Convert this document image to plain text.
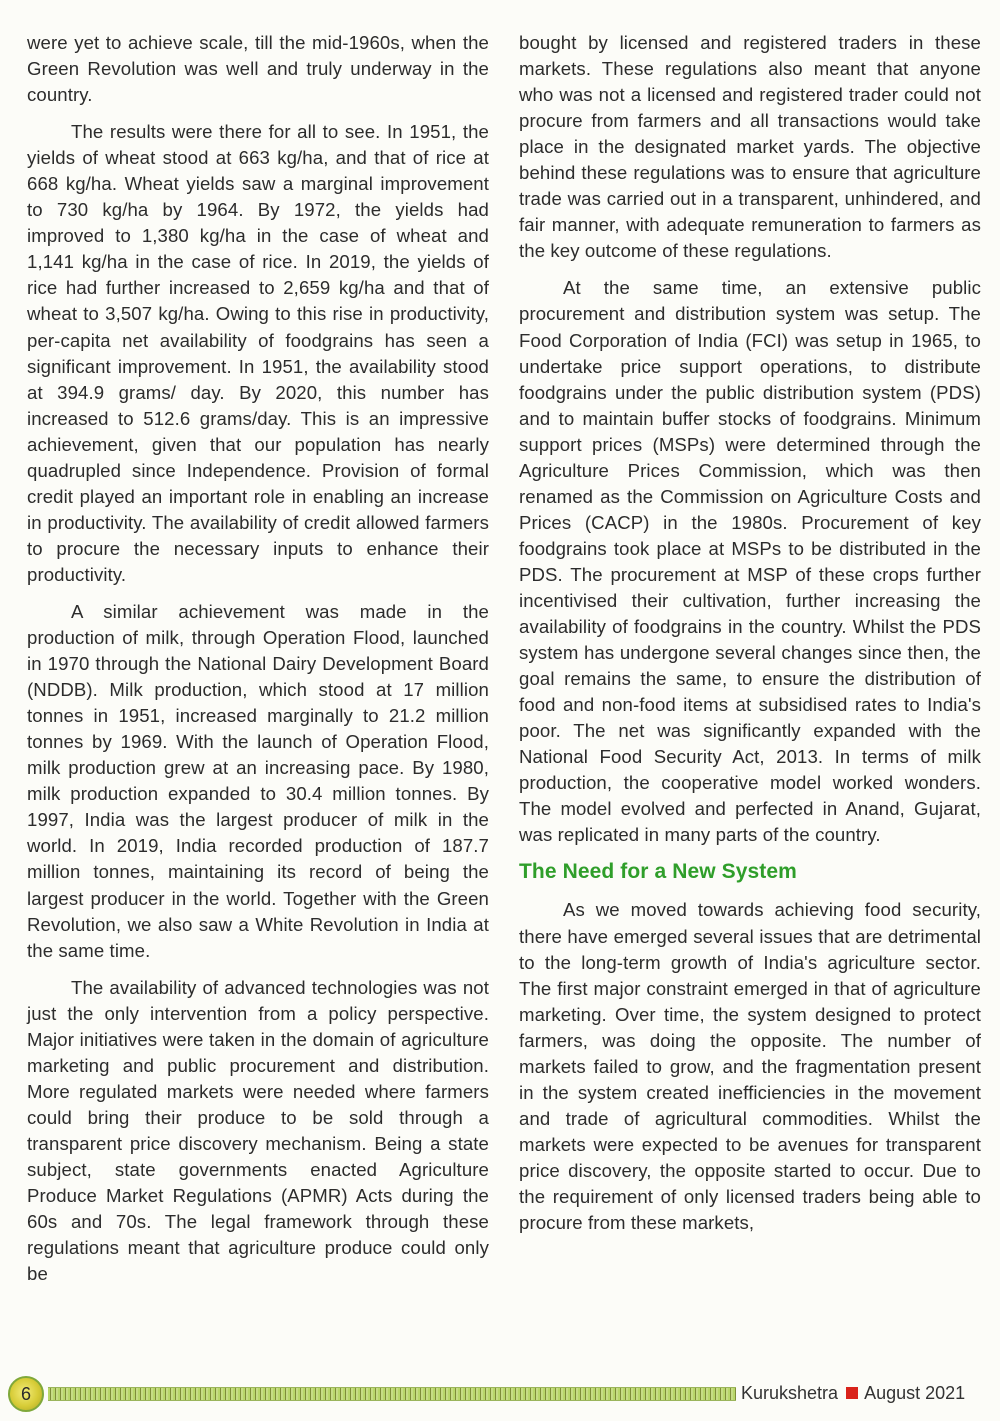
were yet to achieve scale, till the mid-1960s, when the Green Revolution was well and truly underway in the country.

The results were there for all to see. In 1951, the yields of wheat stood at 663 kg/ha, and that of rice at 668 kg/ha. Wheat yields saw a marginal improvement to 730 kg/ha by 1964. By 1972, the yields had improved to 1,380 kg/ha in the case of wheat and 1,141 kg/ha in the case of rice. In 2019, the yields of rice had further increased to 2,659 kg/ha and that of wheat to 3,507 kg/ha. Owing to this rise in productivity, per-capita net availability of foodgrains has seen a significant improvement. In 1951, the availability stood at 394.9 grams/ day. By 2020, this number has increased to 512.6 grams/day. This is an impressive achievement, given that our population has nearly quadrupled since Independence. Provision of formal credit played an important role in enabling an increase in productivity. The availability of credit allowed farmers to procure the necessary inputs to enhance their productivity.

A similar achievement was made in the production of milk, through Operation Flood, launched in 1970 through the National Dairy Development Board (NDDB). Milk production, which stood at 17 million tonnes in 1951, increased marginally to 21.2 million tonnes by 1969. With the launch of Operation Flood, milk production grew at an increasing pace. By 1980, milk production expanded to 30.4 million tonnes. By 1997, India was the largest producer of milk in the world. In 2019, India recorded production of 187.7 million tonnes, maintaining its record of being the largest producer in the world. Together with the Green Revolution, we also saw a White Revolution in India at the same time.

The availability of advanced technologies was not just the only intervention from a policy perspective. Major initiatives were taken in the domain of agriculture marketing and public procurement and distribution. More regulated markets were needed where farmers could bring their produce to be sold through a transparent price discovery mechanism. Being a state subject, state governments enacted Agriculture Produce Market Regulations (APMR) Acts during the 60s and 70s. The legal framework through these regulations meant that agriculture produce could only be

bought by licensed and registered traders in these markets. These regulations also meant that anyone who was not a licensed and registered trader could not procure from farmers and all transactions would take place in the designated market yards. The objective behind these regulations was to ensure that agriculture trade was carried out in a transparent, unhindered, and fair manner, with adequate remuneration to farmers as the key outcome of these regulations.

At the same time, an extensive public procurement and distribution system was setup. The Food Corporation of India (FCI) was setup in 1965, to undertake price support operations, to distribute foodgrains under the public distribution system (PDS) and to maintain buffer stocks of foodgrains. Minimum support prices (MSPs) were determined through the Agriculture Prices Commission, which was then renamed as the Commission on Agriculture Costs and Prices (CACP) in the 1980s. Procurement of key foodgrains took place at MSPs to be distributed in the PDS. The procurement at MSP of these crops further incentivised their cultivation, further increasing the availability of foodgrains in the country. Whilst the PDS system has undergone several changes since then, the goal remains the same, to ensure the distribution of food and non-food items at subsidised rates to India's poor. The net was significantly expanded with the National Food Security Act, 2013. In terms of milk production, the cooperative model worked wonders. The model evolved and perfected in Anand, Gujarat, was replicated in many parts of the country.

The Need for a New System

As we moved towards achieving food security, there have emerged several issues that are detrimental to the long-term growth of India's agriculture sector. The first major constraint emerged in that of agriculture marketing. Over time, the system designed to protect farmers, was doing the opposite. The number of markets failed to grow, and the fragmentation present in the system created inefficiencies in the movement and trade of agricultural commodities. Whilst the markets were expected to be avenues for transparent price discovery, the opposite started to occur. Due to the requirement of only licensed traders being able to procure from these markets,

6	Kurukshetra August 2021
